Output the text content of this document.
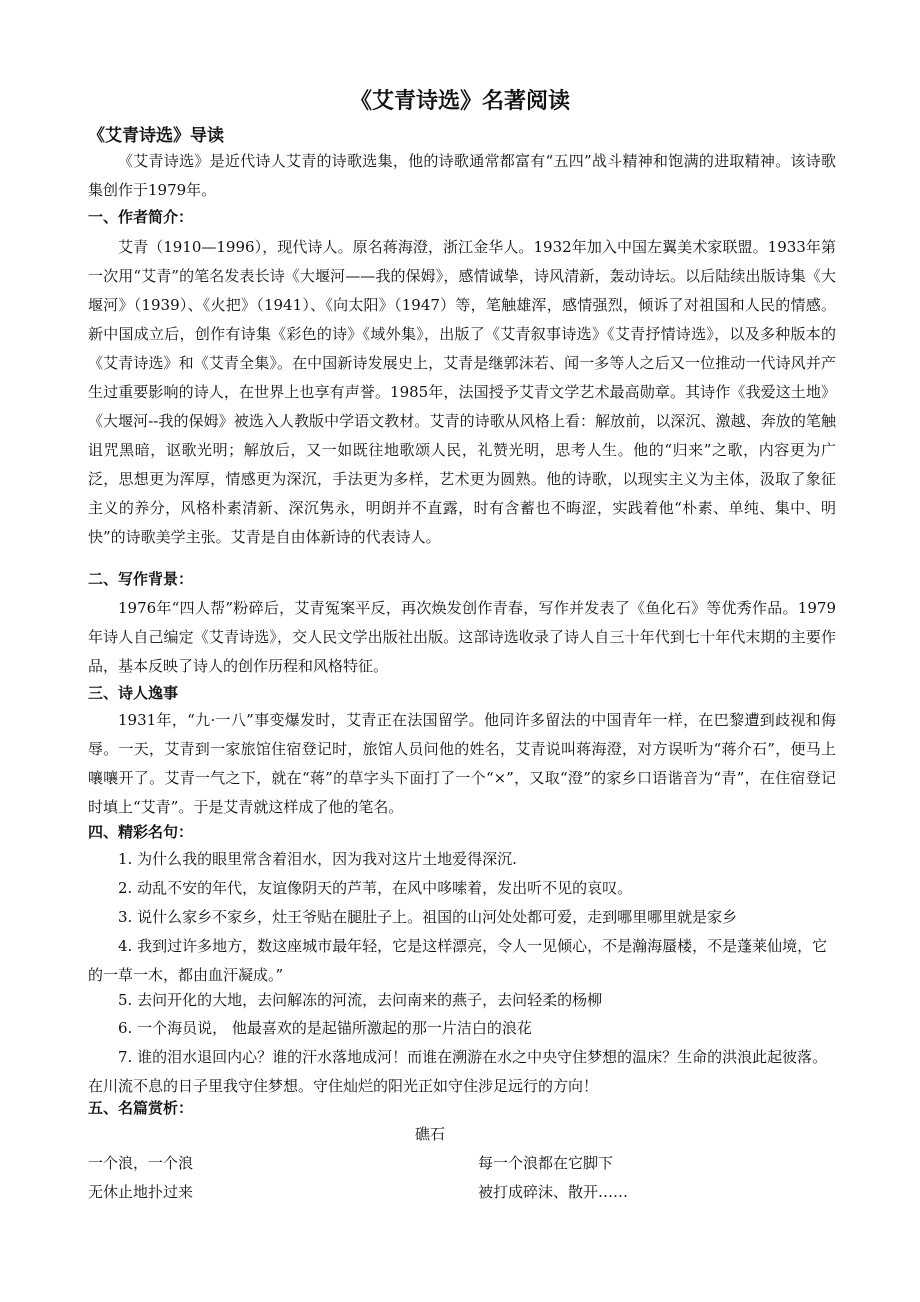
《艾青诗选》名著阅读
《艾青诗选》导读

《艾青诗选》是近代诗人艾青的诗歌选集，他的诗歌通常都富有“五四”战斗精神和饱满的进取精神。该诗歌集创作于1979年。

一、作者简介：

艾青（1910—1996），现代诗人。原名蒋海澄，浙江金华人。1932年加入中国左翼美术家联盟。1933年第一次用“艾青”的笔名发表长诗《大堰河——我的保姆》，感情诚挚，诗风清新，轰动诗坛。以后陆续出版诗集《大堰河》（1939）、《火把》（1941）、《向太阳》（1947）等，笔触雄浑，感情强烈，倾诉了对祖国和人民的情感。新中国成立后，创作有诗集《彩色的诗》《域外集》，出版了《艾青叙事诗选》《艾青抒情诗选》，以及多种版本的《艾青诗选》和《艾青全集》。在中国新诗发展史上，艾青是继郭沫若、闻一多等人之后又一位推动一代诗风并产生过重要影响的诗人，在世界上也享有声誉。1985年，法国授予艾青文学艺术最高勋章。其诗作《我爱这土地》《大堰河--我的保姆》被选入人教版中学语文教材。艾青的诗歌从风格上看：解放前，以深沉、激越、奔放的笔触诅咒黑暗，讴歌光明；解放后，又一如既往地歌颂人民，礼赞光明，思考人生。他的“归来”之歌，内容更为广泛，思想更为浑厚，情感更为深沉，手法更为多样，艺术更为圆熟。他的诗歌，以现实主义为主体，汲取了象征主义的养分，风格朴素清新、深沉隽永，明朗并不直露，时有含蓄也不晦涩，实践着他“朴素、单纯、集中、明快”的诗歌美学主张。艾青是自由体新诗的代表诗人。

二、写作背景：

1976年“四人帮”粉碎后，艾青冤案平反，再次焕发创作青春，写作并发表了《鱼化石》等优秀作品。1979年诗人自己编定《艾青诗选》，交人民文学出版社出版。这部诗选收录了诗人自三十年代到七十年代末期的主要作品，基本反映了诗人的创作历程和风格特征。

三、诗人逸事

1931年，“九·一八”事变爆发时，艾青正在法国留学。他同许多留法的中国青年一样，在巴黎遭到歧视和侮辱。一天，艾青到一家旅馆住宿登记时，旅馆人员问他的姓名，艾青说叫蒋海澄，对方误听为“蒋介石”，便马上嚷嚷开了。艾青一气之下，就在“蒋”的草字头下面打了一个“×”，又取“澄”的家乡口语谐音为“青”，在住宿登记时填上“艾青”。于是艾青就这样成了他的笔名。

四、精彩名句：

1. 为什么我的眼里常含着泪水，因为我对这片土地爱得深沉.

2. 动乱不安的年代，友谊像阴天的芦苇，在风中哆嗦着，发出听不见的哀叹。

3. 说什么家乡不家乡，灶王爷贴在腿肚子上。祖国的山河处处都可爱，走到哪里哪里就是家乡

4. 我到过许多地方，数这座城市最年轻，它是这样漂亮，令人一见倾心，不是瀚海蜃楼，不是蓬莱仙境，它的一草一木，都由血汗凝成。”

5. 去问开化的大地，去问解冻的河流，去问南来的燕子，去问轻柔的杨柳

6. 一个海员说， 他最喜欢的是起锚所激起的那一片洁白的浪花

7. 谁的泪水退回内心？谁的汗水落地成河！而谁在溯游在水之中央守住梦想的温床？生命的洪浪此起彼落。在川流不息的日子里我守住梦想。守住灿烂的阳光正如守住涉足远行的方向！

五、名篇赏析：

礁石

一个浪，一个浪

无休止地扑过来

每一个浪都在它脚下

被打成碎沫、散开……
